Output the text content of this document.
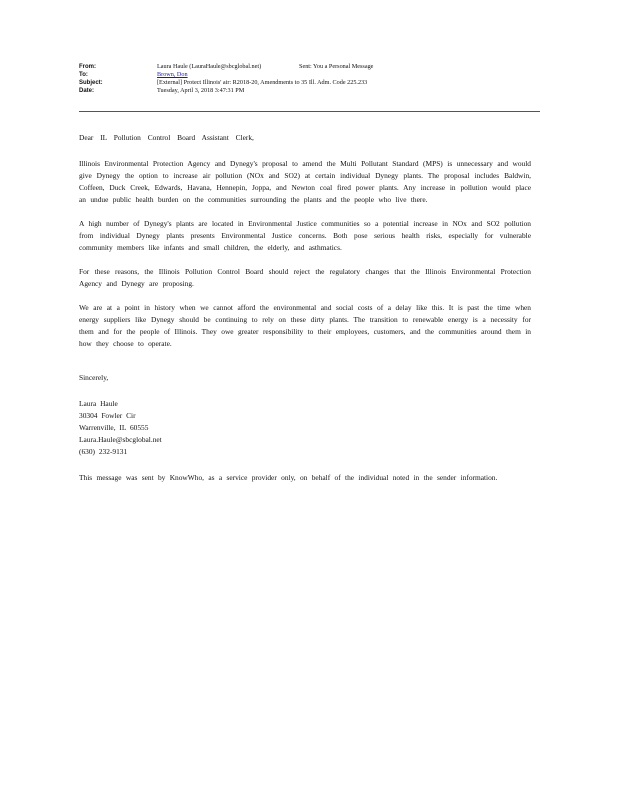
From:	Laura Haule (LauraHaule@sbcglobal.net)	Sent: You a Personal Message
To:	Brown, Don
Subject:	[External] Protect Illinois' air: R2018-20, Amendments to 35 Ill. Adm. Code 225.233
Date:	Tuesday, April 3, 2018 3:47:31 PM

Dear IL Pollution Control Board Assistant Clerk,

Illinois Environmental Protection Agency and Dynegy's proposal to amend the Multi Pollutant Standard (MPS) is unnecessary and would give Dynegy the option to increase air pollution (NOx and SO2) at certain individual Dynegy plants. The proposal includes Baldwin, Coffeen, Duck Creek, Edwards, Havana, Hennepin, Joppa, and Newton coal fired power plants. Any increase in pollution would place an undue public health burden on the communities surrounding the plants and the people who live there.

A high number of Dynegy's plants are located in Environmental Justice communities so a potential increase in NOx and SO2 pollution from individual Dynegy plants presents Environmental Justice concerns. Both pose serious health risks, especially for vulnerable community members like infants and small children, the elderly, and asthmatics.

For these reasons, the Illinois Pollution Control Board should reject the regulatory changes that the Illinois Environmental Protection Agency and Dynegy are proposing.

We are at a point in history when we cannot afford the environmental and social costs of a delay like this. It is past the time when energy suppliers like Dynegy should be continuing to rely on these dirty plants. The transition to renewable energy is a necessity for them and for the people of Illinois. They owe greater responsibility to their employees, customers, and the communities around them in how they choose to operate.

Sincerely,

Laura Haule

30304 Fowler Cir

Warrenville, IL 60555

Laura.Haule@sbcglobal.net

(630) 232-9131

This message was sent by KnowWho, as a service provider only, on behalf of the individual noted in the sender information.
